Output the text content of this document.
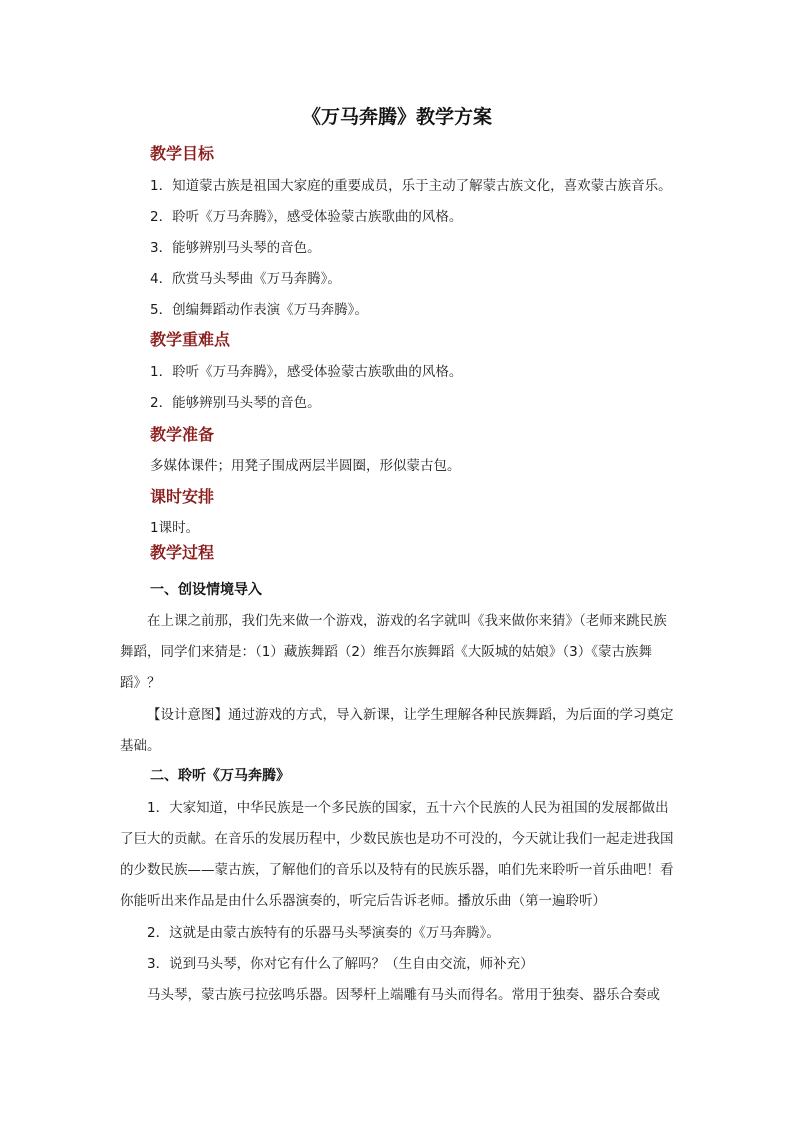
《万马奔腾》教学方案
教学目标
1．知道蒙古族是祖国大家庭的重要成员，乐于主动了解蒙古族文化，喜欢蒙古族音乐。
2．聆听《万马奔腾》，感受体验蒙古族歌曲的风格。
3．能够辨别马头琴的音色。
4．欣赏马头琴曲《万马奔腾》。
5．创编舞蹈动作表演《万马奔腾》。
教学重难点
1．聆听《万马奔腾》，感受体验蒙古族歌曲的风格。
2．能够辨别马头琴的音色。
教学准备
多媒体课件；用凳子围成两层半圆圈，形似蒙古包。
课时安排
1课时。
教学过程
一、创设情境导入
在上课之前那，我们先来做一个游戏，游戏的名字就叫《我来做你来猜》（老师来跳民族舞蹈，同学们来猜是：（1）藏族舞蹈（2）维吾尔族舞蹈《大阪城的姑娘》（3）《蒙古族舞蹈》？
【设计意图】通过游戏的方式，导入新课，让学生理解各种民族舞蹈，为后面的学习奠定基础。
二、聆听《万马奔腾》
1．大家知道，中华民族是一个多民族的国家，五十六个民族的人民为祖国的发展都做出了巨大的贡献。在音乐的发展历程中，少数民族也是功不可没的，今天就让我们一起走进我国的少数民族——蒙古族，了解他们的音乐以及特有的民族乐器，咱们先来聆听一首乐曲吧！看你能听出来作品是由什么乐器演奏的，听完后告诉老师。播放乐曲（第一遍聆听）
2．这就是由蒙古族特有的乐器马头琴演奏的《万马奔腾》。
3．说到马头琴，你对它有什么了解吗？（生自由交流，师补充）
马头琴，蒙古族弓拉弦鸣乐器。因琴杆上端雕有马头而得名。常用于独奏、器乐合奏或
